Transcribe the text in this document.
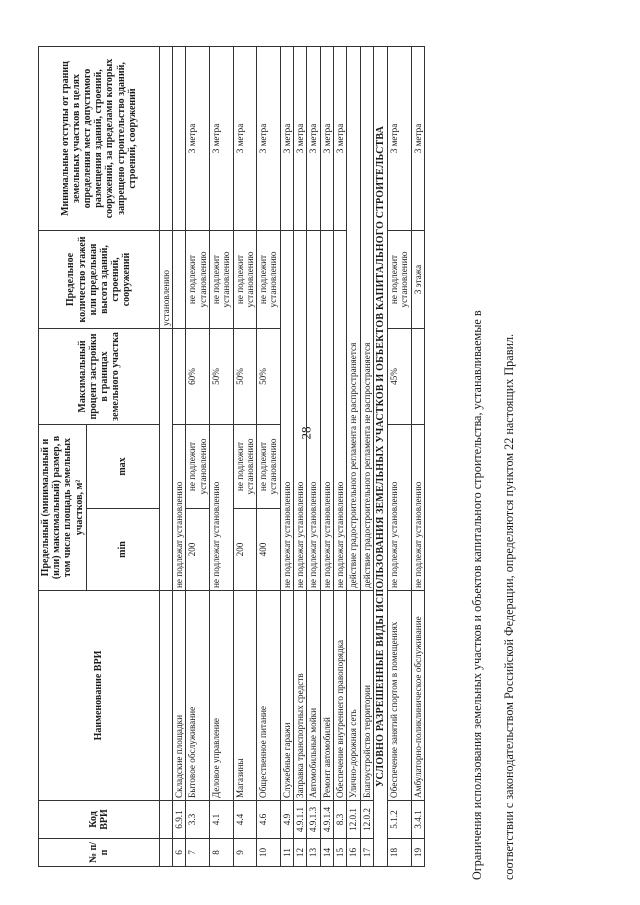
28
№ п/п	Код ВРИ	Наименование ВРИ	Предельный (минимальный и (или) максимальный) размер, в том числе площадь земельных участков, м²		Максимальный процент застройки в границах земельного участка	Предельное количество этажей или предельная высота зданий, строений, сооружений	Минимальные отступы от границ земельных участков в целях определения мест допустимого размещения зданий, строений, сооружений, за пределами которых запрещено строительство зданий, строений, сооружений
			min	max			
						установлению	
6	6.9.1	Складские площадки	не подлежат установлению				
7	3.3	Бытовое обслуживание	200	не подлежит установлению	60%	не подлежит установлению	3 метра
8	4.1	Деловое управление	не подлежат установлению		50%	не подлежит установлению	3 метра
9	4.4	Магазины	200	не подлежит установлению	50%	не подлежит установлению	3 метра
10	4.6	Общественное питание	400	не подлежит установлению	50%	не подлежит установлению	3 метра
11	4.9	Служебные гаражи	не подлежат установлению				3 метра
12	4.9.1.1	Заправка транспортных средств	не подлежат установлению				3 метра
13	4.9.1.3	Автомобильные мойки	не подлежат установлению				3 метра
14	4.9.1.4	Ремонт автомобилей	не подлежат установлению				3 метра
15	8.3	Обеспечение внутреннего правопорядка	не подлежат установлению				3 метра
16	12.0.1	Улично-дорожная сеть	действие градостроительного регламента не распространяется				
17	12.0.2	Благоустройство территории	действие градостроительного регламента не распространяется				
УСЛОВНО РАЗРЕШЕННЫЕ ВИДЫ ИСПОЛЬЗОВАНИЯ ЗЕМЕЛЬНЫХ УЧАСТКОВ И ОБЪЕКТОВ КАПИТАЛЬНОГО СТРОИТЕЛЬСТВА							
18	5.1.2	Обеспечение занятий спортом в помещениях	не подлежат установлению		45%	не подлежит установлению	3 метра
19	3.4.1	Амбулаторно-поликлиническое обслуживание	не подлежат установлению			3 этажа	3 метра
Ограничения использования земельных участков и объектов капитального строительства, устанавливаемые в соответствии с законодательством Российской Федерации, определяются пунктом 22 настоящих Правил.
